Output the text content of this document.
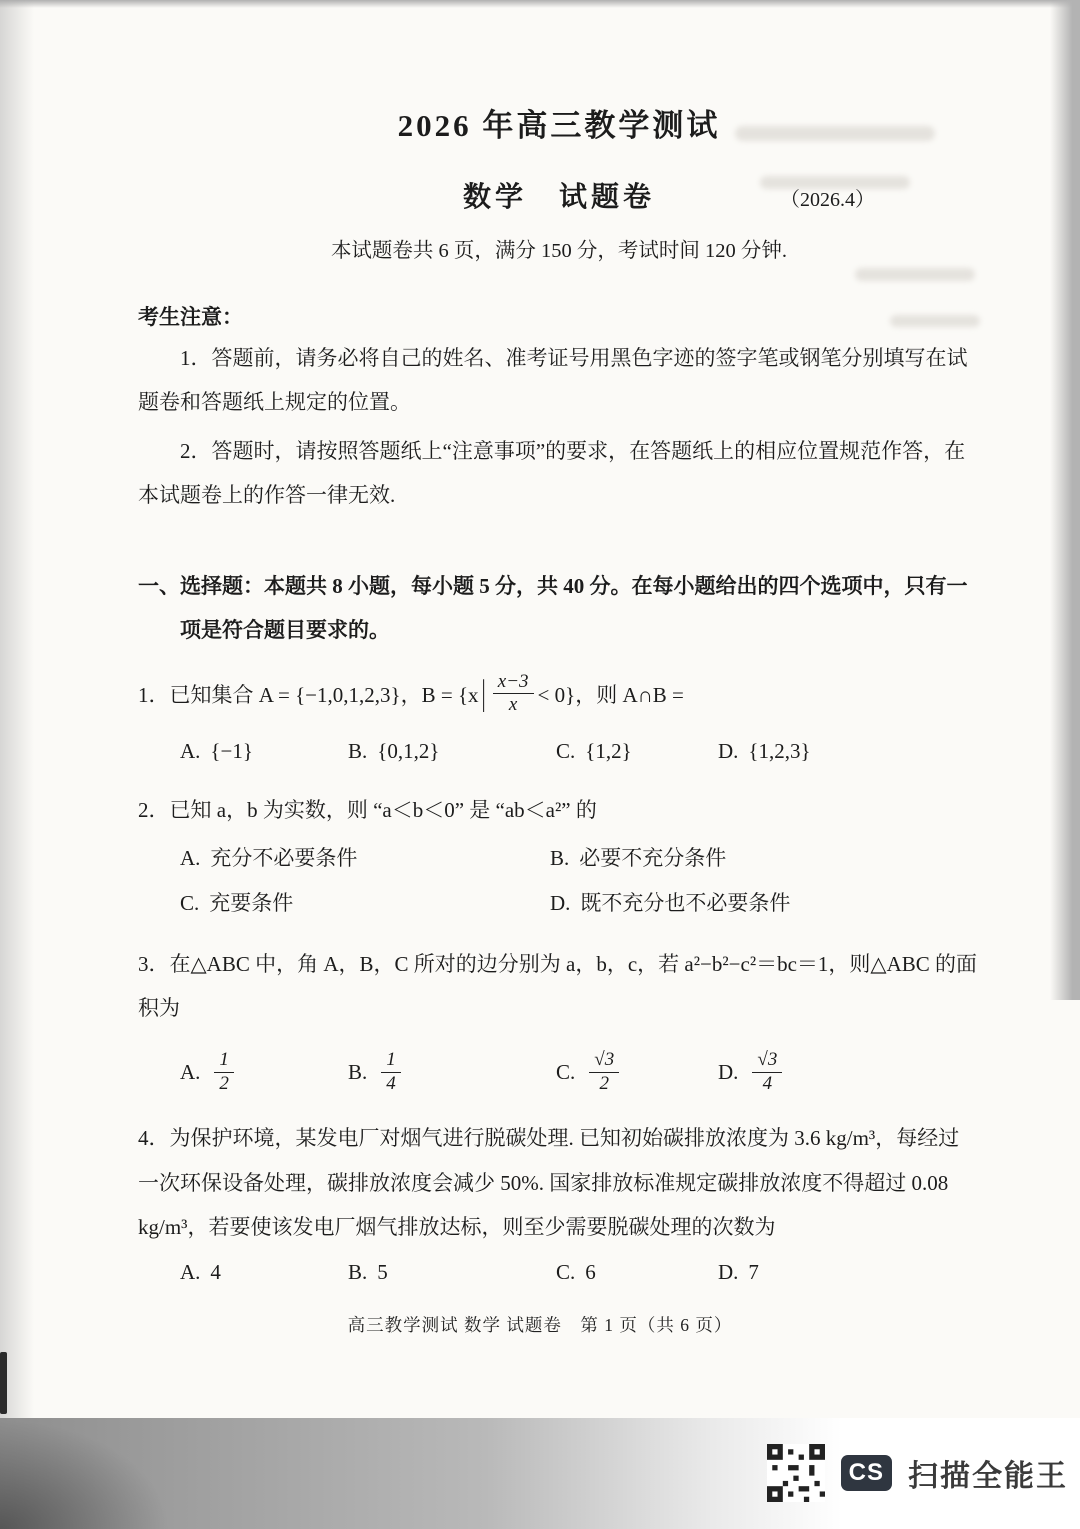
2026 年高三教学测试
数学　试题卷	（2026.4）

本试题卷共 6 页，满分 150 分，考试时间 120 分钟.

考生注意：

1．答题前，请务必将自己的姓名、准考证号用黑色字迹的签字笔或钢笔分别填写在试题卷和答题纸上规定的位置。

2．答题时，请按照答题纸上“注意事项”的要求，在答题纸上的相应位置规范作答，在本试题卷上的作答一律无效.

一、选择题：本题共 8 小题，每小题 5 分，共 40 分。在每小题给出的四个选项中，只有一项是符合题目要求的。

1．已知集合 A = {−1,0,1,2,3}，B = {x | $\frac{x-3}{x} < 0$}，则 A∩B =
A. {−1}	B. {0,1,2}	C. {1,2}	D. {1,2,3}

2．已知 a，b 为实数，则 “a＜b＜0” 是 “ab＜a²” 的

A. 充分不必要条件	B. 必要不充分条件
C. 充要条件	D. 既不充分也不必要条件

3．在△ABC 中，角 A，B，C 所对的边分别为 a，b，c，若 a²−b²−c²＝bc＝1，则△ABC 的面积为

A. $\frac{1}{2}$	B. $\frac{1}{4}$	C. $\frac{√3}{2}$	D. $\frac{√3}{4}$

4．为保护环境，某发电厂对烟气进行脱碳处理. 已知初始碳排放浓度为 3.6 kg/m³，每经过一次环保设备处理，碳排放浓度会减少 50%. 国家排放标准规定碳排放浓度不得超过 0.08 kg/m³，若要使该发电厂烟气排放达标，则至少需要脱碳处理的次数为

A. 4	B. 5	C. 6	D. 7
高三教学测试 数学 试题卷　第 1 页（共 6 页）
CS 扫描全能王
